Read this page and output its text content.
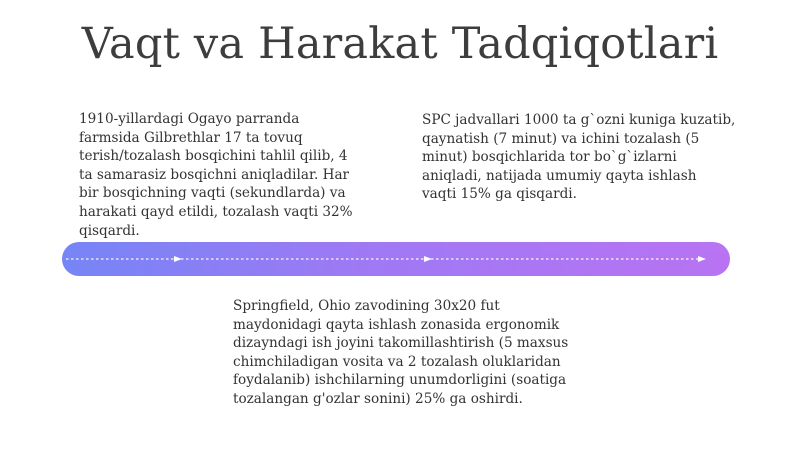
Vaqt va Harakat Tadqiqotlari

1910-yillardagi Ogayo parranda
farmsida Gilbrethlar 17 ta tovuq
terish/tozalash bosqichini tahlil qilib, 4
ta samarasiz bosqichni aniqladilar. Har
bir bosqichning vaqti (sekundlarda) va
harakati qayd etildi, tozalash vaqti 32%
qisqardi.

SPC jadvallari 1000 ta g`ozni kuniga kuzatib,
qaynatish (7 minut) va ichini tozalash (5
minut) bosqichlarida tor bo`g`izlarni
aniqladi, natijada umumiy qayta ishlash
vaqti 15% ga qisqardi.

Springfield, Ohio zavodining 30x20 fut
maydonidagi qayta ishlash zonasida ergonomik
dizayndagi ish joyini takomillashtirish (5 maxsus
chimchiladigan vosita va 2 tozalash oluklaridan
foydalanib) ishchilarning unumdorligini (soatiga
tozalangan g'ozlar sonini) 25% ga oshirdi.
